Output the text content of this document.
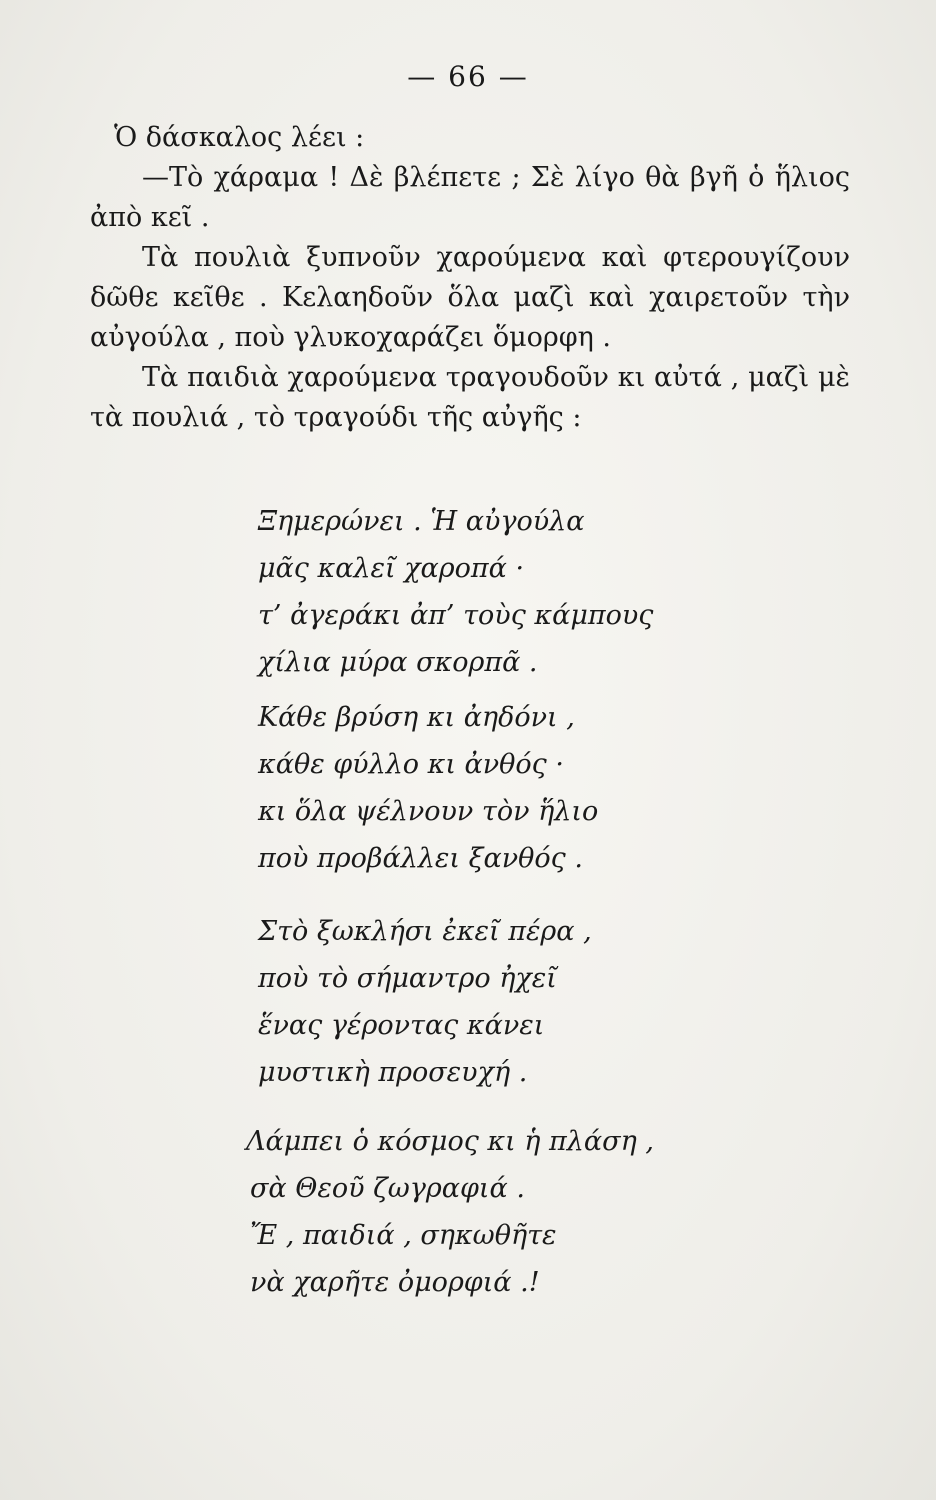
— 66 —

Ὁ δάσκαλος λέει :

—Τὸ χάραμα ! Δὲ βλέπετε ; Σὲ λίγο θὰ βγῆ ὁ ἥλιος ἀπὸ κεῖ .

Τὰ πουλιὰ ξυπνοῦν χαρούμενα καὶ φτερουγίζουν δῶθε κεῖθε . Κελαηδοῦν ὅλα μαζὶ καὶ χαιρετοῦν τὴν αὐγούλα , ποὺ γλυκοχαράζει ὅμορφη .

Τὰ παιδιὰ χαρούμενα τραγουδοῦν κι αὐτά , μαζὶ μὲ τὰ πουλιά , τὸ τραγούδι τῆς αὐγῆς :

Ξημερώνει . Ἡ αὐγούλα
μᾶς καλεῖ χαροπά ·
τ’ ἀγεράκι ἀπ’ τοὺς κάμπους
χίλια μύρα σκορπᾶ .
Κάθε βρύση κι ἀηδόνι ,
κάθε φύλλο κι ἀνθός ·
κι ὅλα ψέλνουν τὸν ἥλιο
ποὺ προβάλλει ξανθός .
Στὸ ξωκλήσι ἐκεῖ πέρα ,
ποὺ τὸ σήμαντρο ἠχεῖ
ἕνας γέροντας κάνει
μυστικὴ προσευχή .
Λάμπει ὁ κόσμος κι ἡ πλάση ,
σὰ Θεοῦ ζωγραφιά .
Ἔ , παιδιά , σηκωθῆτε
νὰ χαρῆτε ὀμορφιά .!
